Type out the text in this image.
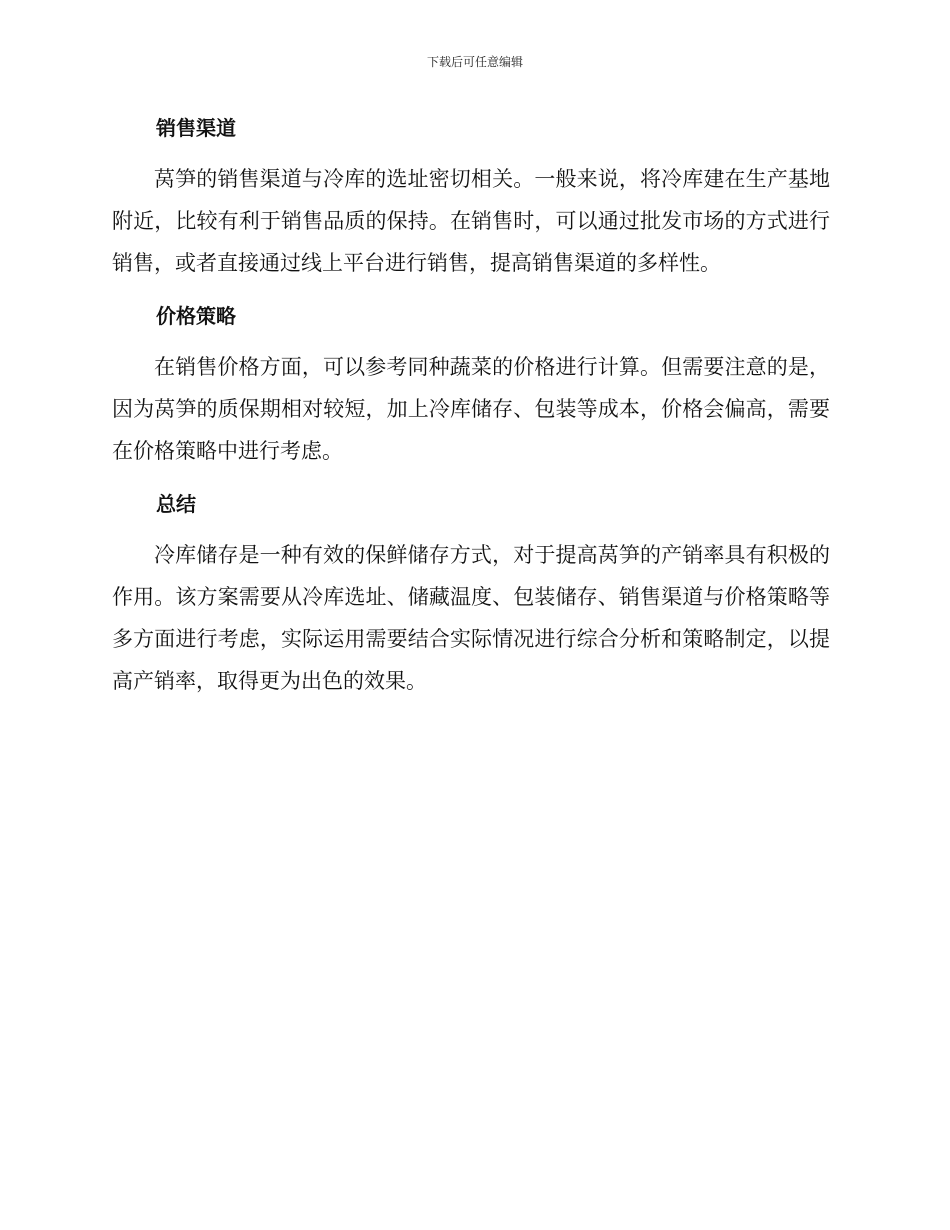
下载后可任意编辑
销售渠道

莴笋的销售渠道与冷库的选址密切相关。一般来说，将冷库建在生产基地附近，比较有利于销售品质的保持。在销售时，可以通过批发市场的方式进行销售，或者直接通过线上平台进行销售，提高销售渠道的多样性。

价格策略

在销售价格方面，可以参考同种蔬菜的价格进行计算。但需要注意的是，因为莴笋的质保期相对较短，加上冷库储存、包装等成本，价格会偏高，需要在价格策略中进行考虑。

总结

冷库储存是一种有效的保鲜储存方式，对于提高莴笋的产销率具有积极的作用。该方案需要从冷库选址、储藏温度、包装储存、销售渠道与价格策略等多方面进行考虑，实际运用需要结合实际情况进行综合分析和策略制定，以提高产销率，取得更为出色的效果。
